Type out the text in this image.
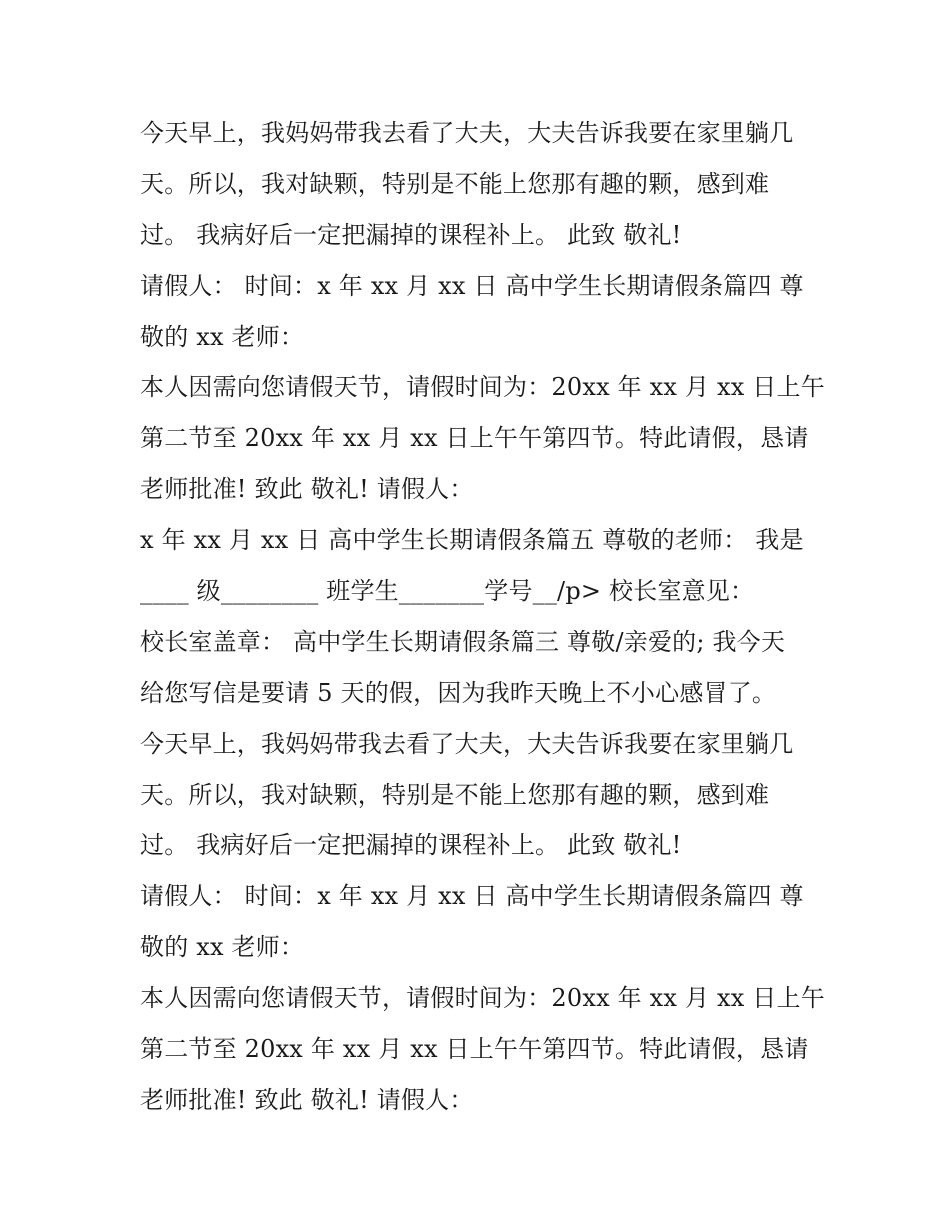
今天早上，我妈妈带我去看了大夫，大夫告诉我要在家里躺几
天。所以，我对缺颗，特别是不能上您那有趣的颗，感到难
过。 我病好后一定把漏掉的课程补上。 此致 敬礼!
请假人： 时间：x 年 xx 月 xx 日 高中学生长期请假条篇四 尊
敬的 xx 老师：
本人因需向您请假天节，请假时间为：20xx 年 xx 月 xx 日上午
第二节至 20xx 年 xx 月 xx 日上午午第四节。特此请假，恳请
老师批准! 致此 敬礼! 请假人：
x 年 xx 月 xx 日 高中学生长期请假条篇五 尊敬的老师： 我是
____ 级________ 班学生_______学号__/p> 校长室意见：
校长室盖章： 高中学生长期请假条篇三 尊敬/亲爱的; 我今天
给您写信是要请 5 天的假，因为我昨天晚上不小心感冒了。
今天早上，我妈妈带我去看了大夫，大夫告诉我要在家里躺几
天。所以，我对缺颗，特别是不能上您那有趣的颗，感到难
过。 我病好后一定把漏掉的课程补上。 此致 敬礼!
请假人： 时间：x 年 xx 月 xx 日 高中学生长期请假条篇四 尊
敬的 xx 老师：
本人因需向您请假天节，请假时间为：20xx 年 xx 月 xx 日上午
第二节至 20xx 年 xx 月 xx 日上午午第四节。特此请假，恳请
老师批准! 致此 敬礼! 请假人：
